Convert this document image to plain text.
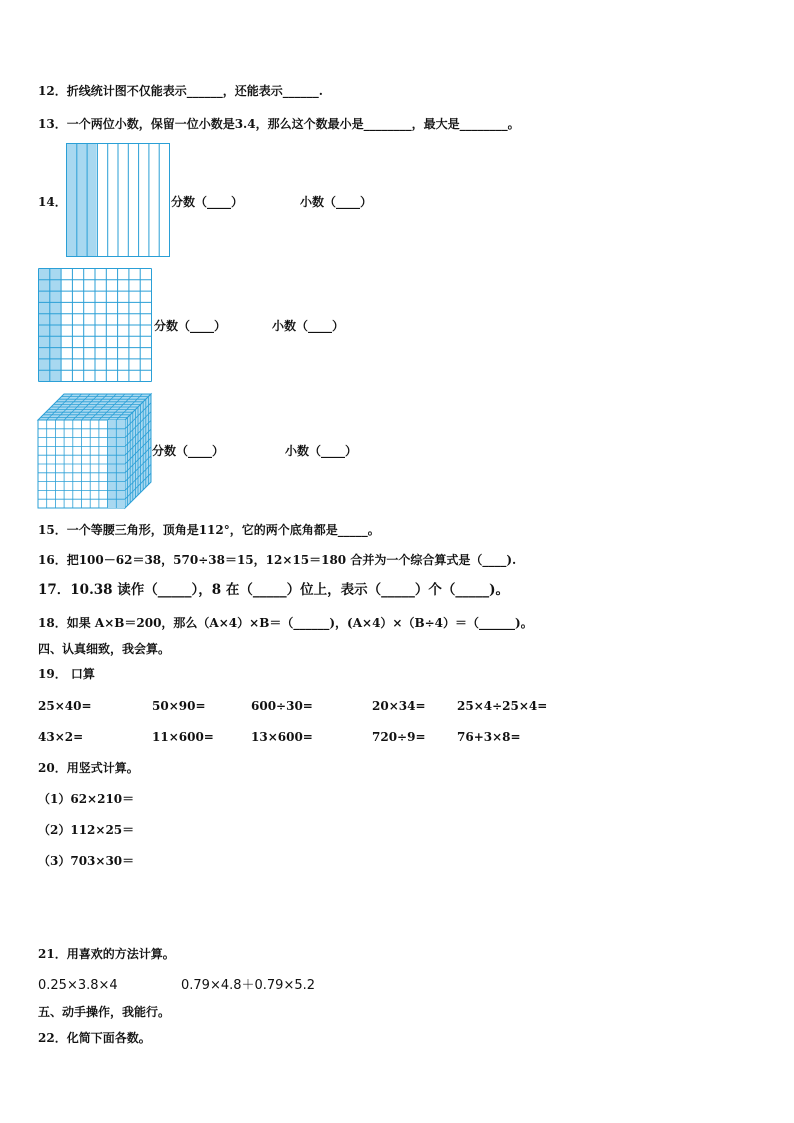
12．折线统计图不仅能表示______，还能表示______.
13．一个两位小数，保留一位小数是3.4，那么这个数最小是________，最大是________。
14．	分数（____）	小数（____）
分数（____）	小数（____）
分数（____）	小数（____）
15．一个等腰三角形，顶角是112°，它的两个底角都是_____。
16．把100－62＝38，570÷38＝15，12×15＝180 合并为一个综合算式是（____).
17．10.38 读作（_____），8 在（_____）位上，表示（_____）个（_____)。
18．如果 A×B＝200，那么（A×4）×B＝（______)，(A×4）×（B÷4）＝（______)。
四、认真细致，我会算。
19． 口算
25×40=	50×90=	600÷30=	20×34=	25×4÷25×4=
43×2=	11×600=	13×600=	720÷9=	76+3×8=
20．用竖式计算。
（1）62×210＝
（2）112×25＝
（3）703×30＝
21．用喜欢的方法计算。
0.25×3.8×4	0.79×4.8＋0.79×5.2
五、动手操作，我能行。
22．化简下面各数。
